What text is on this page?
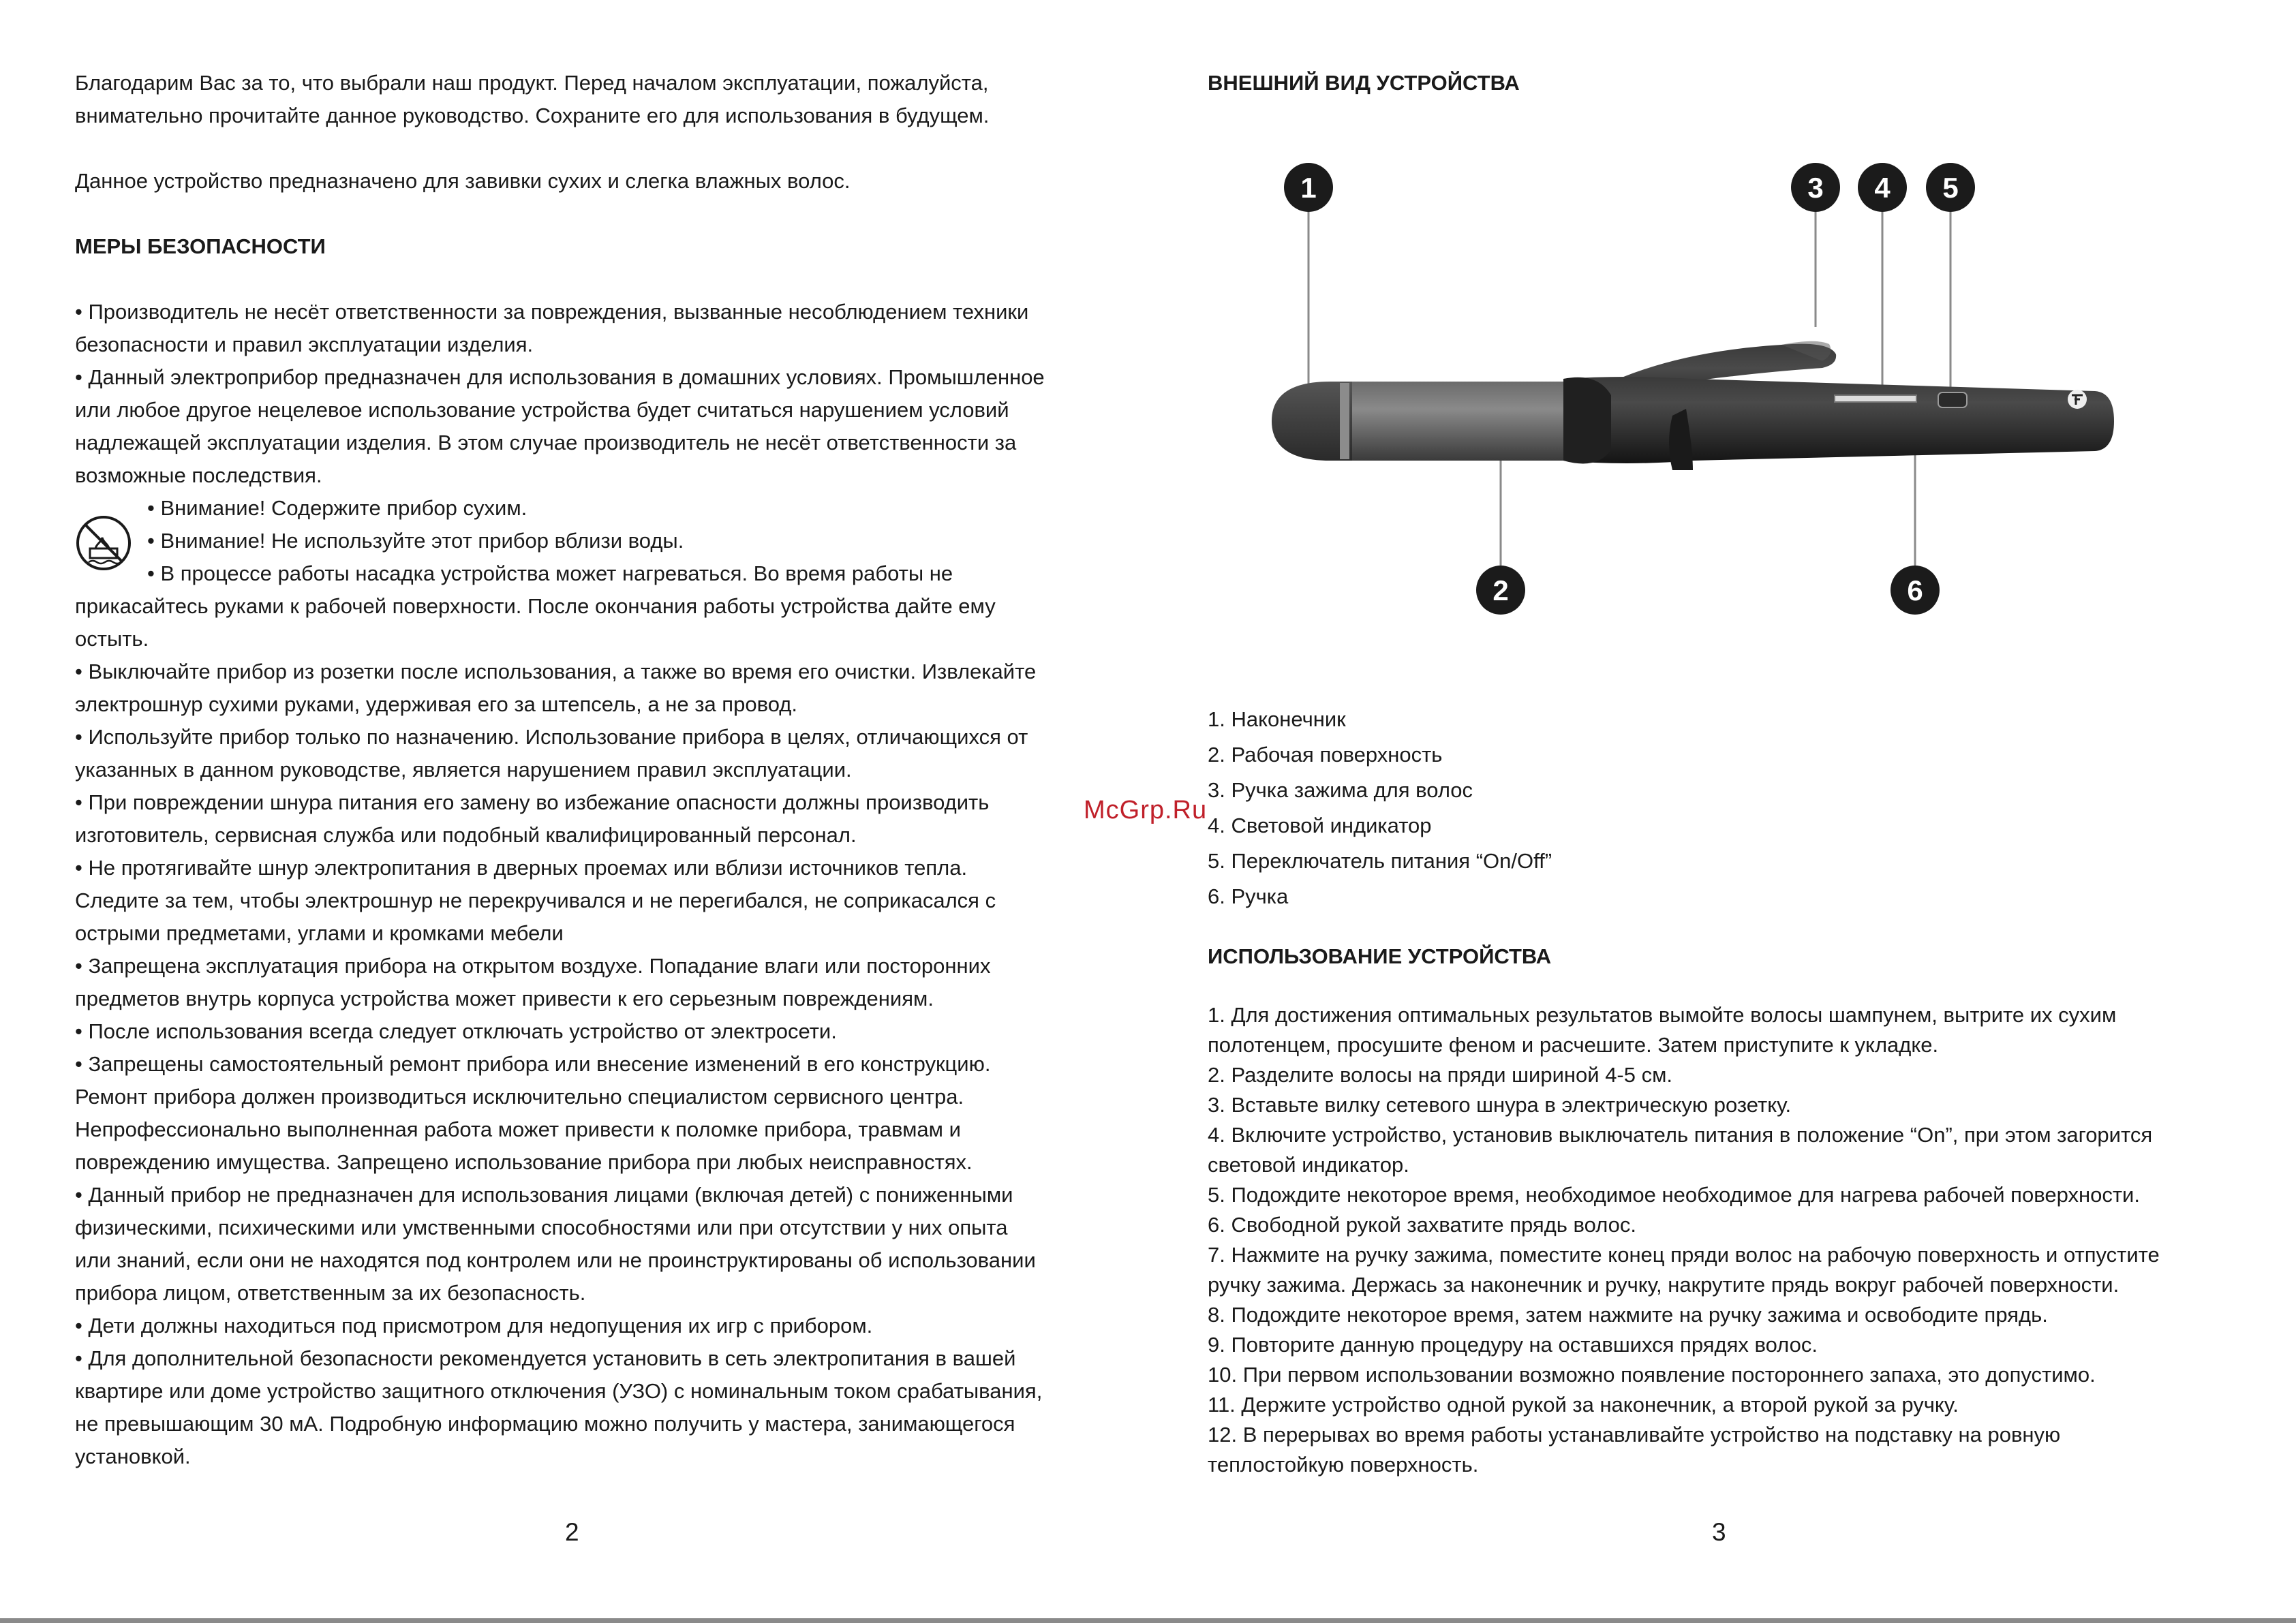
Благодарим Вас за то, что выбрали наш продукт. Перед началом эксплуатации, пожалуйста,

внимательно прочитайте данное руководство. Сохраните его для использования в будущем.

Данное устройство предназначено для завивки сухих и слегка влажных волос.

МЕРЫ БЕЗОПАСНОСТИ

• Производитель не несёт ответственности за повреждения, вызванные несоблюдением техники

безопасности и правил эксплуатации изделия.

• Данный электроприбор предназначен для использования в домашних условиях. Промышленное

или любое другое нецелевое использование устройства будет считаться нарушением условий

надлежащей эксплуатации изделия. В этом случае производитель не несёт ответственности за

возможные последствия.

• Внимание! Содержите прибор сухим.

• Внимание! Не используйте этот прибор вблизи воды.

• В процессе работы насадка устройства может нагреваться. Во время работы не

прикасайтесь руками к рабочей поверхности. После окончания работы устройства дайте ему

остыть.

• Выключайте прибор из розетки после использования, а также во время его очистки. Извлекайте

электрошнур сухими руками, удерживая его за штепсель, а не за провод.

• Используйте прибор только по назначению. Использование прибора в целях, отличающихся от

указанных в данном руководстве, является нарушением правил эксплуатации.

• При повреждении шнура питания его замену во избежание опасности должны производить

изготовитель, сервисная служба или подобный квалифицированный персонал.

• Не протягивайте шнур электропитания в дверных проемах или вблизи источников тепла.

Следите за тем, чтобы электрошнур не перекручивался и не перегибался, не соприкасался с

острыми предметами, углами и кромками мебели

• Запрещена эксплуатация прибора на открытом воздухе. Попадание влаги или посторонних

предметов внутрь корпуса устройства может привести к его серьезным повреждениям.

• После использования всегда следует отключать устройство от электросети.

• Запрещены самостоятельный ремонт прибора или внесение изменений в его конструкцию.

Ремонт прибора должен производиться исключительно специалистом сервисного центра.

Непрофессионально выполненная работа может привести к поломке прибора, травмам и

повреждению имущества. Запрещено использование прибора при любых неисправностях.

• Данный прибор не предназначен для использования лицами (включая детей) с пониженными

физическими, психическими или умственными способностями или при отсутствии у них опыта

или знаний, если они не находятся под контролем или не проинструктированы об использовании

прибора лицом, ответственным за их безопасность.

• Дети должны находиться под присмотром для недопущения их игр с прибором.

• Для дополнительной безопасности рекомендуется установить в сеть электропитания в вашей

квартире или доме устройство защитного отключения (УЗО) с номинальным током срабатывания,

не превышающим 30 мА. Подробную информацию можно получить у мастера, занимающегося

установкой.

2

ВНЕШНИЙ ВИД УСТРОЙСТВА

1	3 4 5
2	6
1. Наконечник
2. Рабочая поверхность
3. Ручка зажима для волос
4. Световой индикатор
5. Переключатель питания “On/Off”
6. Ручка

ИСПОЛЬЗОВАНИЕ УСТРОЙСТВА

1. Для достижения оптимальных результатов вымойте волосы шампунем, вытрите их сухим
полотенцем, просушите феном и расчешите. Затем приступите к укладке.
2. Разделите волосы на пряди шириной 4-5 см.
3. Вставьте вилку сетевого шнура в электрическую розетку.
4. Включите устройство, установив выключатель питания в положение “On”, при этом загорится
световой индикатор.
5. Подождите некоторое время, необходимое необходимое для нагрева рабочей поверхности.
6. Свободной рукой захватите прядь волос.
7. Нажмите на ручку зажима, поместите конец пряди волос на рабочую поверхность и отпустите
ручку зажима. Держась за наконечник и ручку, накрутите прядь вокруг рабочей поверхности.
8. Подождите некоторое время, затем нажмите на ручку зажима и освободите прядь.
9. Повторите данную процедуру на оставшихся прядях волос.
10. При первом использовании возможно появление постороннего запаха, это допустимо.
11. Держите устройство одной рукой за наконечник, а второй рукой за ручку.
12. В перерывах во время работы устанавливайте устройство на подставку на ровную
теплостойкую поверхность.
3
McGrp.Ru
